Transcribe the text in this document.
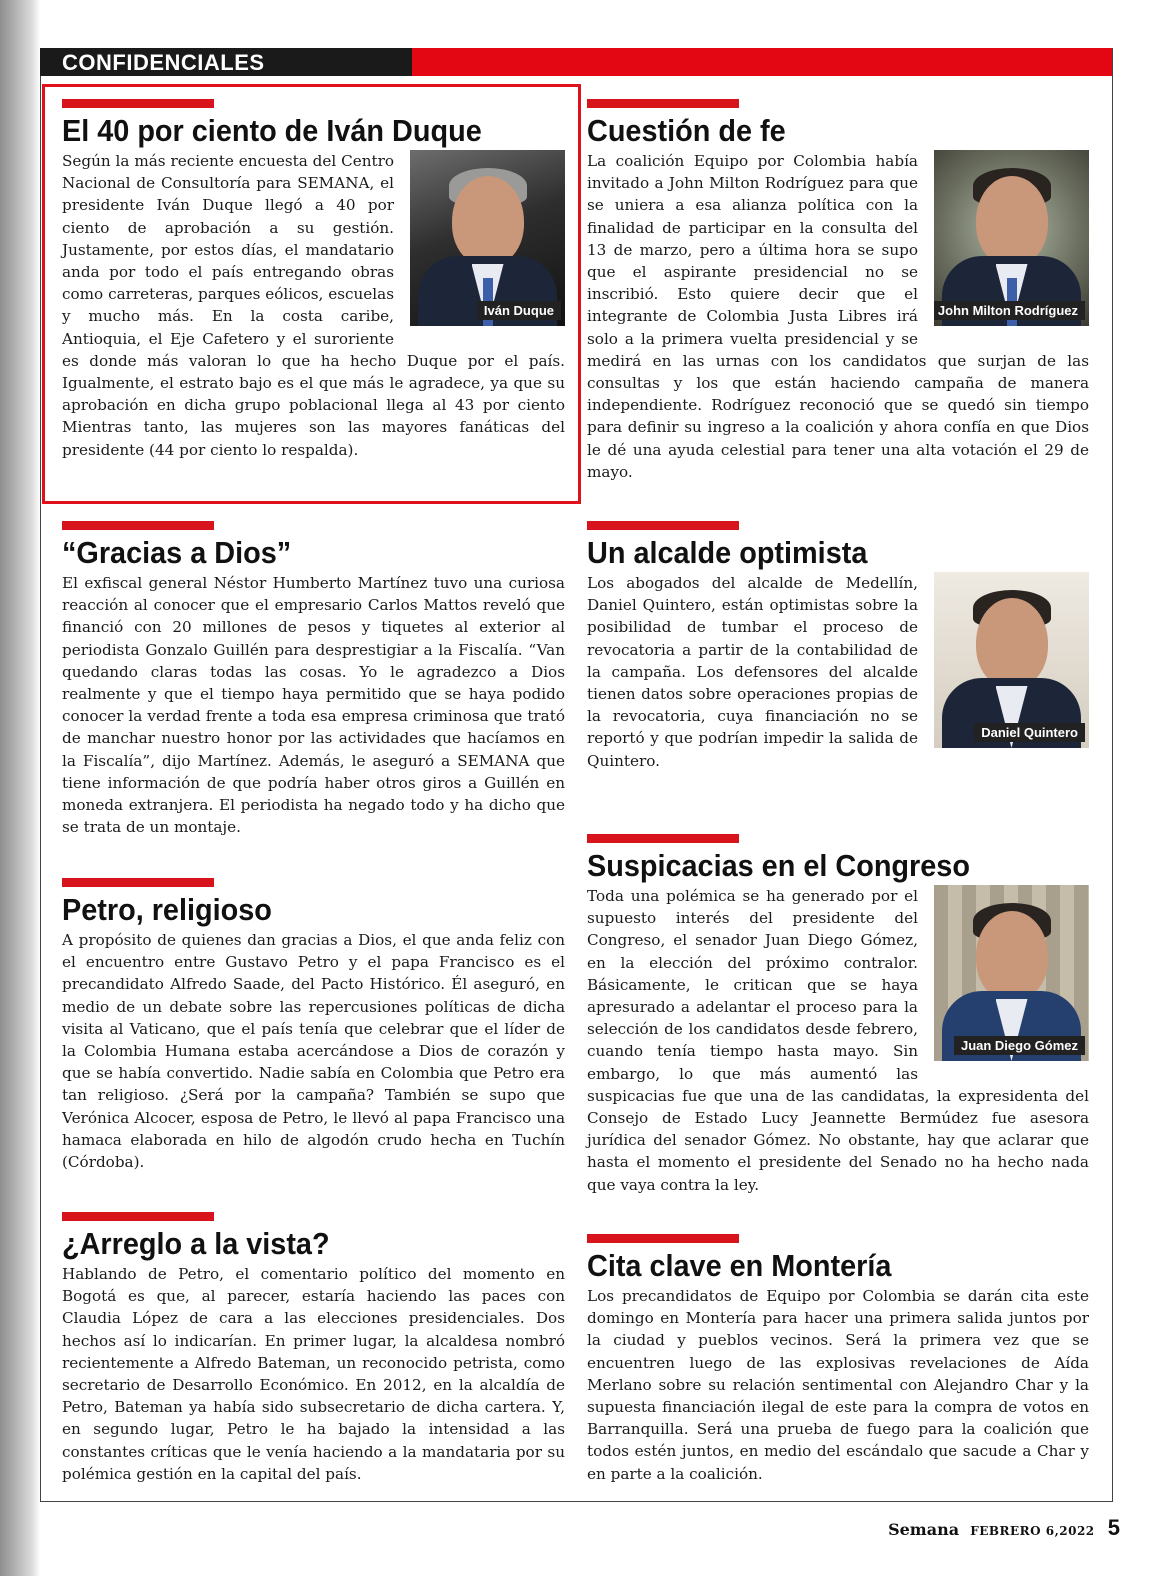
CONFIDENCIALES
El 40 por ciento de Iván Duque
Iván Duque

Según la más reciente encuesta del Centro Nacional de Consultoría para SEMANA, el presidente Iván Duque llegó a 40 por ciento de aprobación a su gestión. Justamente, por estos días, el mandatario anda por todo el país entregando obras como carreteras, parques eólicos, escuelas y mucho más. En la costa caribe, Antioquia, el Eje Cafetero y el suroriente es donde más valoran lo que ha hecho Duque por el país. Igualmente, el estrato bajo es el que más le agradece, ya que su aprobación en dicha grupo poblacional llega al 43 por ciento Mientras tanto, las mujeres son las mayores fanáticas del presidente (44 por ciento lo respalda).

Cuestión de fe
John Milton Rodríguez

La coalición Equipo por Colombia había invitado a John Milton Rodríguez para que se uniera a esa alianza política con la finalidad de participar en la consulta del 13 de marzo, pero a última hora se supo que el aspirante presidencial no se inscribió. Esto quiere decir que el integrante de Colombia Justa Libres irá solo a la primera vuelta presidencial y se medirá en las urnas con los candidatos que surjan de las consultas y los que están haciendo campaña de manera independiente. Rodríguez reconoció que se quedó sin tiempo para definir su ingreso a la coalición y ahora confía en que Dios le dé una ayuda celestial para tener una alta votación el 29 de mayo.

“Gracias a Dios”

El exfiscal general Néstor Humberto Martínez tuvo una curiosa reacción al conocer que el empresario Carlos Mattos reveló que financió con 20 millones de pesos y tiquetes al exterior al periodista Gonzalo Guillén para desprestigiar a la Fiscalía. “Van quedando claras todas las cosas. Yo le agradezco a Dios realmente y que el tiempo haya permitido que se haya podido conocer la verdad frente a toda esa empresa criminosa que trató de manchar nuestro honor por las actividades que hacíamos en la Fiscalía”, dijo Martínez. Además, le aseguró a SEMANA que tiene información de que podría haber otros giros a Guillén en moneda extranjera. El periodista ha negado todo y ha dicho que se trata de un montaje.

Un alcalde optimista
Daniel Quintero

Los abogados del alcalde de Medellín, Daniel Quintero, están optimistas sobre la posibilidad de tumbar el proceso de revocatoria a partir de la contabilidad de la campaña. Los defensores del alcalde tienen datos sobre operaciones propias de la revocatoria, cuya financiación no se reportó y que podrían impedir la salida de Quintero.

Petro, religioso

A propósito de quienes dan gracias a Dios, el que anda feliz con el encuentro entre Gustavo Petro y el papa Francisco es el precandidato Alfredo Saade, del Pacto Histórico. Él aseguró, en medio de un debate sobre las repercusiones políticas de dicha visita al Vaticano, que el país tenía que celebrar que el líder de la Colombia Humana estaba acercándose a Dios de corazón y que se había convertido. Nadie sabía en Colombia que Petro era tan religioso. ¿Será por la campaña? También se supo que Verónica Alcocer, esposa de Petro, le llevó al papa Francisco una hamaca elaborada en hilo de algodón crudo hecha en Tuchín (Córdoba).

Suspicacias en el Congreso
Juan Diego Gómez

Toda una polémica se ha generado por el supuesto interés del presidente del Congreso, el senador Juan Diego Gómez, en la elección del próximo contralor. Básicamente, le critican que se haya apresurado a adelantar el proceso para la selección de los candidatos desde febrero, cuando tenía tiempo hasta mayo. Sin embargo, lo que más aumentó las suspicacias fue que una de las candidatas, la expresidenta del Consejo de Estado Lucy Jeannette Bermúdez fue asesora jurídica del senador Gómez. No obstante, hay que aclarar que hasta el momento el presidente del Senado no ha hecho nada que vaya contra la ley.

¿Arreglo a la vista?

Hablando de Petro, el comentario político del momento en Bogotá es que, al parecer, estaría haciendo las paces con Claudia López de cara a las elecciones presidenciales. Dos hechos así lo indicarían. En primer lugar, la alcaldesa nombró recientemente a Alfredo Bateman, un reconocido petrista, como secretario de Desarrollo Económico. En 2012, en la alcaldía de Petro, Bateman ya había sido subsecretario de dicha cartera. Y, en segundo lugar, Petro le ha bajado la intensidad a las constantes críticas que le venía haciendo a la mandataria por su polémica gestión en la capital del país.

Cita clave en Montería

Los precandidatos de Equipo por Colombia se darán cita este domingo en Montería para hacer una primera salida juntos por la ciudad y pueblos vecinos. Será la primera vez que se encuentren luego de las explosivas revelaciones de Aída Merlano sobre su relación sentimental con Alejandro Char y la supuesta financiación ilegal de este para la compra de votos en Barranquilla. Será una prueba de fuego para la coalición que todos estén juntos, en medio del escándalo que sacude a Char y en parte a la coalición.

Semana FEBRERO 6,2022 5
